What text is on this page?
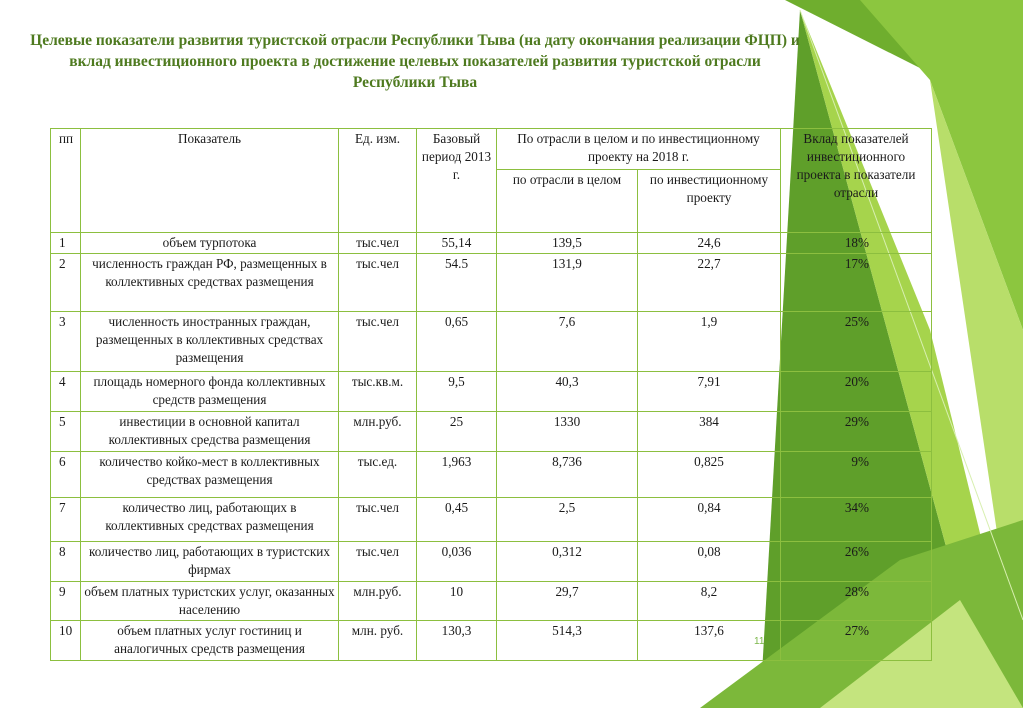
Целевые показатели развития туристской отрасли Республики Тыва (на дату окончания реализации ФЦП) и вклад инвестиционного проекта в достижение целевых показателей развития туристской отрасли Республики Тыва
пп	Показатель	Ед. изм.	Базовый период 2013 г.	По отрасли в целом и по инвестиционному проекту на 2018 г.		Вклад показателей инвестиционного проекта в показатели отрасли
				по отрасли в целом	по инвестиционному проекту	
1	объем турпотока	тыс.чел	55,14	139,5	24,6	18%
2	численность граждан РФ, размещенных в коллективных средствах размещения	тыс.чел	54.5	131,9	22,7	17%
3	численность иностранных граждан, размещенных в коллективных средствах размещения	тыс.чел	0,65	7,6	1,9	25%
4	площадь номерного фонда коллективных средств размещения	тыс.кв.м.	9,5	40,3	7,91	20%
5	инвестиции в основной капитал коллективных средства размещения	млн.руб.	25	1330	384	29%
6	количество койко-мест в коллективных средствах размещения	тыс.ед.	1,963	8,736	0,825	9%
7	количество лиц, работающих в коллективных средствах размещения	тыс.чел	0,45	2,5	0,84	34%
8	количество лиц, работающих в туристских фирмах	тыс.чел	0,036	0,312	0,08	26%
9	объем платных туристских услуг, оказанных населению	млн.руб.	10	29,7	8,2	28%
10	объем платных услуг гостиниц и аналогичных средств размещения	млн. руб.	130,3	514,3	137,6	27%
11
